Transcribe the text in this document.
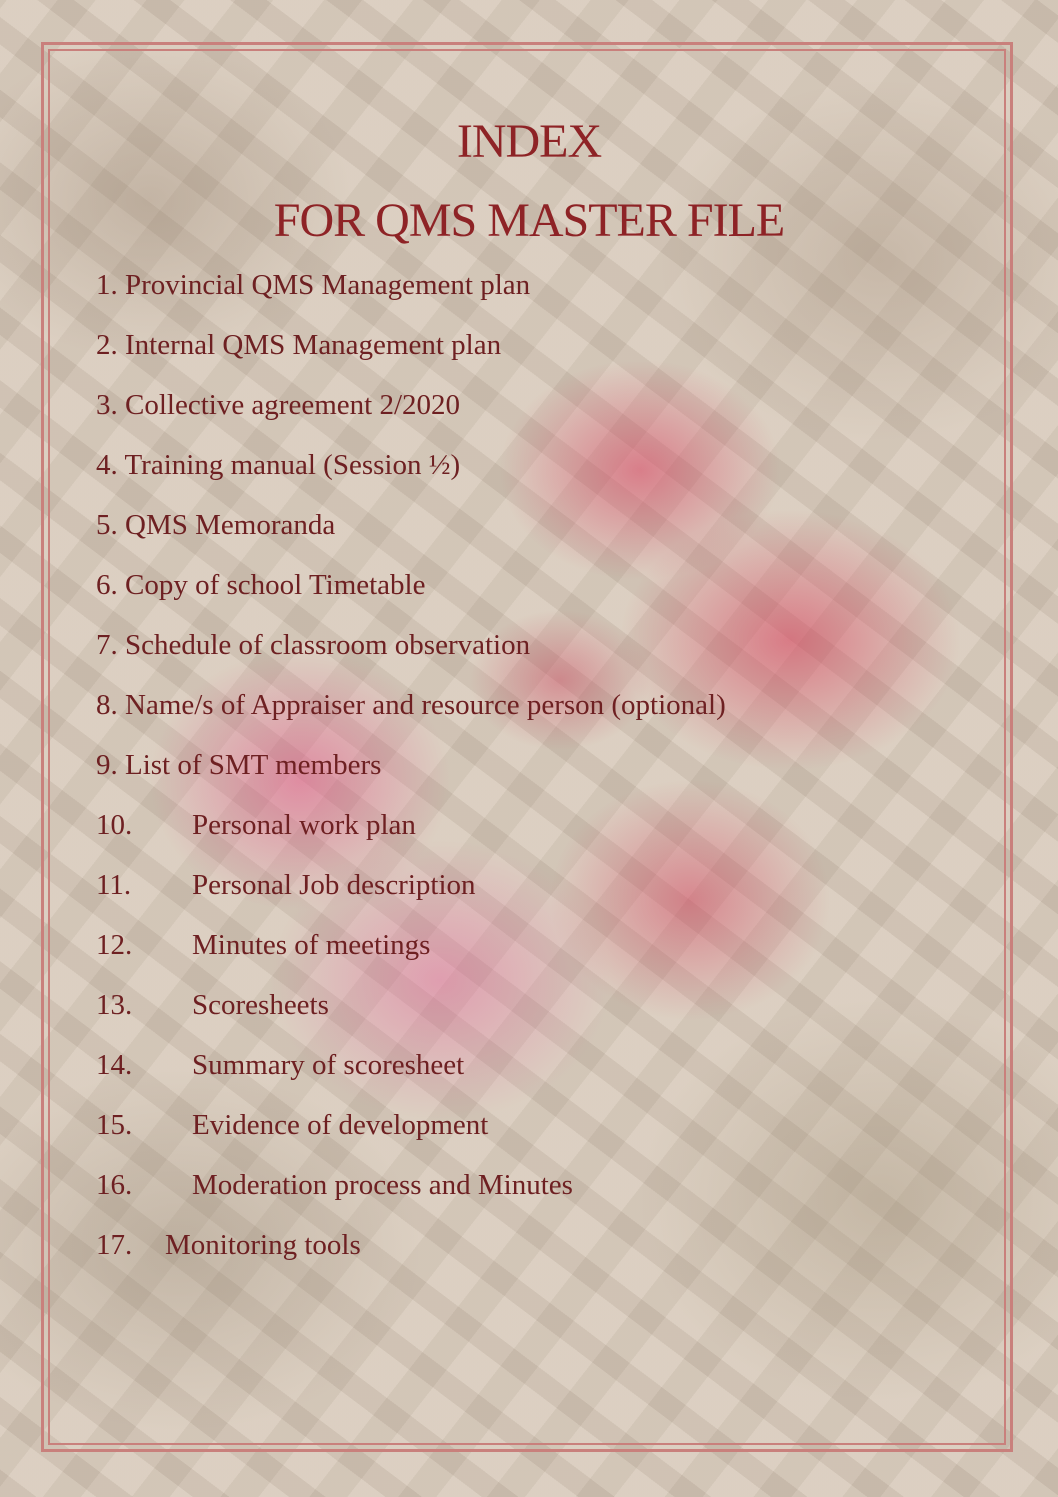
INDEX
FOR QMS MASTER FILE
1. Provincial QMS Management plan
2. Internal QMS Management plan
3. Collective agreement 2/2020
4. Training manual (Session ½)
5. QMS Memoranda
6. Copy of school Timetable
7. Schedule of classroom observation
8. Name/s of Appraiser and resource person (optional)
9. List of SMT members
10. Personal work plan
11. Personal Job description
12. Minutes of meetings
13. Scoresheets
14. Summary of scoresheet
15. Evidence of development
16. Moderation process and Minutes
17. Monitoring tools
